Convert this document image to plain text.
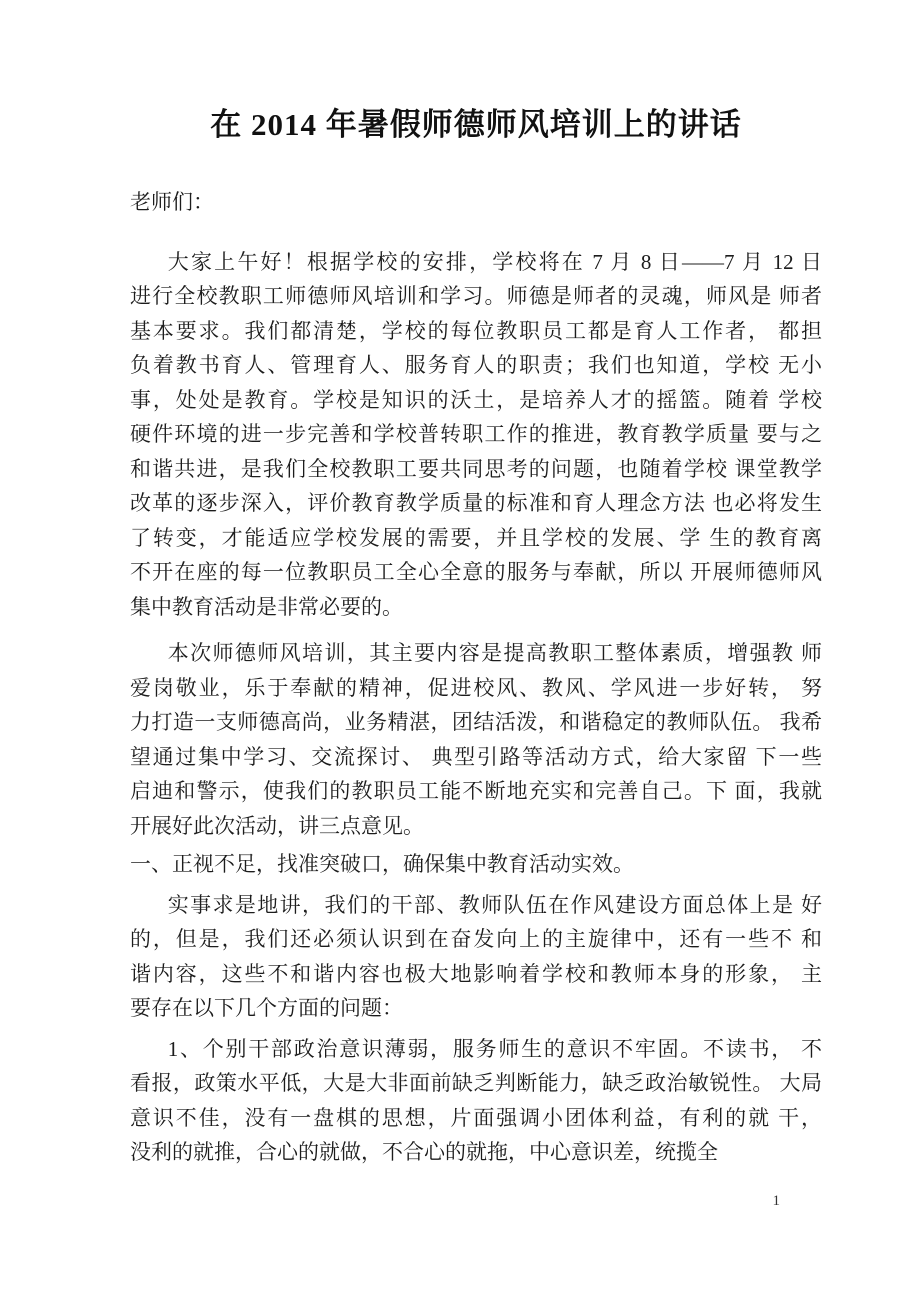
在 2014 年暑假师德师风培训上的讲话
老师们：
大家上午好！根据学校的安排，学校将在 7 月 8 日——7 月 12 日
进行全校教职工师德师风培训和学习。师德是师者的灵魂，师风是 师者
基本要求。我们都清楚，学校的每位教职员工都是育人工作者， 都担
负着教书育人、管理育人、服务育人的职责；我们也知道，学校 无小
事，处处是教育。学校是知识的沃土，是培养人才的摇篮。随着 学校
硬件环境的进一步完善和学校普转职工作的推进，教育教学质量 要与之
和谐共进，是我们全校教职工要共同思考的问题，也随着学校 课堂教学
改革的逐步深入，评价教育教学质量的标准和育人理念方法 也必将发生
了转变，才能适应学校发展的需要，并且学校的发展、学 生的教育离
不开在座的每一位教职员工全心全意的服务与奉献，所以 开展师德师风
集中教育活动是非常必要的。
本次师德师风培训，其主要内容是提高教职工整体素质，增强教 师
爱岗敬业，乐于奉献的精神，促进校风、教风、学风进一步好转， 努
力打造一支师德高尚，业务精湛，团结活泼，和谐稳定的教师队伍。 我希
望通过集中学习、交流探讨、 典型引路等活动方式，给大家留 下一些
启迪和警示，使我们的教职员工能不断地充实和完善自己。下 面，我就
开展好此次活动，讲三点意见。
一、正视不足，找准突破口，确保集中教育活动实效。
实事求是地讲，我们的干部、教师队伍在作风建设方面总体上是 好
的，但是，我们还必须认识到在奋发向上的主旋律中，还有一些不 和
谐内容，这些不和谐内容也极大地影响着学校和教师本身的形象， 主
要存在以下几个方面的问题：
1、个别干部政治意识薄弱，服务师生的意识不牢固。不读书， 不
看报，政策水平低，大是大非面前缺乏判断能力，缺乏政治敏锐性。 大局
意识不佳，没有一盘棋的思想，片面强调小团体利益，有利的就 干，
没利的就推，合心的就做，不合心的就拖，中心意识差，统揽全
1
